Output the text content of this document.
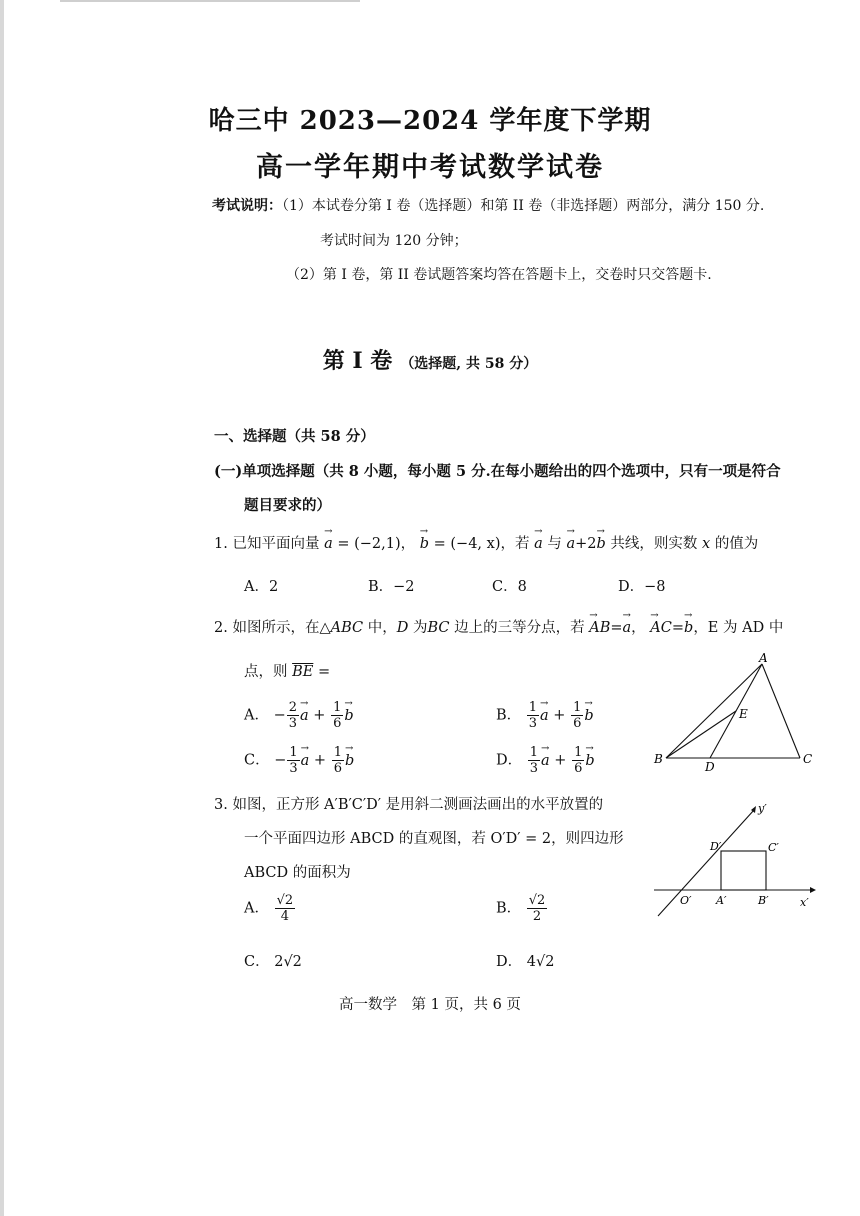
哈三中 2023—2024 学年度下学期
高一学年期中考试数学试卷
考试说明：（1）本试卷分第 I 卷（选择题）和第 II 卷（非选择题）两部分，满分 150 分.
考试时间为 120 分钟；
（2）第 I 卷，第 II 卷试题答案均答在答题卡上，交卷时只交答题卡.
第 I 卷 （选择题, 共 58 分）
一、选择题（共 58 分）
(一)单项选择题（共 8 小题，每小题 5 分.在每小题给出的四个选项中，只有一项是符合
题目要求的）
1. 已知平面向量 → a = (−2,1)， → b = (−4, x)，若 → a 与 → a+2→ b 共线，则实数 x 的值为
A．2	B．−2	C．8	D．−8
2. 如图所示，在△ABC 中，D 为BC 边上的三等分点，若 → AB=→ a， → AC=→ b，E 为 AD 中
点，则 $\overline{BE}$ =
A． − $\frac{2}{3} \to a + \frac{1}{6} \to b$	B． $\frac{1}{3} \to a + \frac{1}{6} \to b$
C． − $\frac{1}{3} \to a + \frac{1}{6} \to b$	D． $\frac{1}{3} \to a + \frac{1}{6} \to b$
A
B	C
D
E
3. 如图，正方形 A′B′C′D′ 是用斜二测画法画出的水平放置的
一个平面四边形 ABCD 的直观图，若 O′D′ = 2，则四边形
ABCD 的面积为
A． $\frac{√2}{4}$	B． $\frac{√2}{2}$
C． 2√2	D． 4√2
y′
x′
O′ A′	B′
C′
D′
高一数学　第 1 页，共 6 页
